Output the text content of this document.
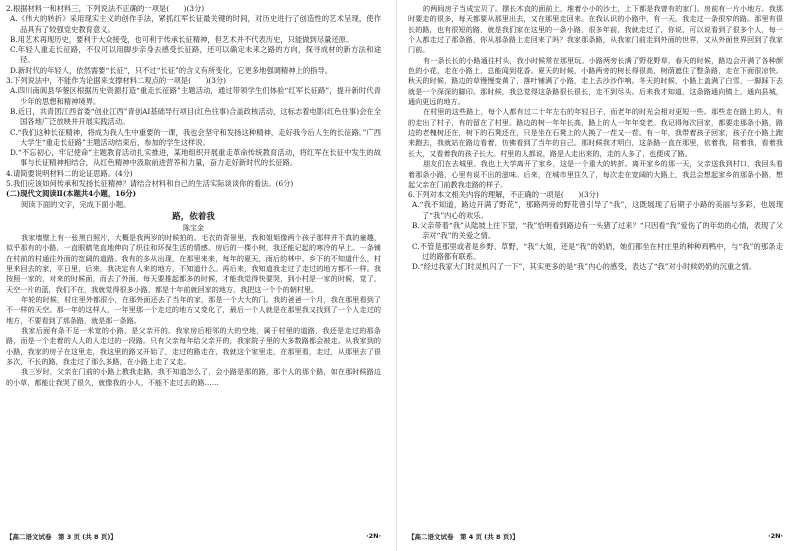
2.根据材料一和材料三，下列说法不正确的一项是(　　)(3分)

A.《伟大的转折》采用现实主义的创作手法，紧抓红军长征最关键的时间，对历史进行了创造性的艺术呈现，使作品具有了较强党史教育意义。

B.用艺术再现历史，要利于大众接受，也可利于传承长征精神，但艺术并不代表历史，只能做到尽量还原。

C.年轻人重走长征路，不仅可以用脚步亲身去感受长征路，还可以确定未来之路的方向，探寻成材的新方法和途径。

D.新时代的年轻人，依然需要“长征”，只不过“长征”的含义有所变化，它更多地强调精神上的指导。

3.下列说法中，不能作为论据来支撑材料二观点的一项是(　　)(3分)

A.四川南阆县华蓥区根据历史资源打造“重走长征路”主题活动，通过带领学生们体验“红军长征路”，提升新时代青少年的思想和精神境界。

B.近日，共青团江西省委“创业江西”青创AI基础导行项目(红色往事)合盖政核活动，这标志着电影(红色往事)会在全国各地广泛放映并开展实践活动。

C.“我们这种长征精神，将成为我人生中重要的一课，我也会坚守和发扬这种精神，走好我今后人生的长征路。”广西大学生“重走长征路”主题活动结束后，参加的学生这样说。

D.“不忘初心，牢记使命”主题教育活动扎实推进，某地组织开展重走革命传统教育活动，将红军在长征中发生的故事与长征精神相结合，从红色精神中汲取前进营养和力量，奋力走好新时代的长征路。

4.请简要说明材料二的论证思路。(4分)

5.我们应该如何传承和发扬长征精神？请结合材料和自己的生活实际谈谈你的看法。(6分)

(二)现代文阅读Ⅱ(本题共4小题，16分)

阅读下面的文字，完成下面小题。

路，依着我
陈宝金

我家墙壁上有一张黑白照片，大概是我两岁的时候拍的。毛衣的背景里，我和姐姐像两个孩子那样并不真的童趣，似乎那有的小路，一直眼睛笔直地伸向了织往和环保生活的情感。房后的一棵小树，我还能记起的寒冷的早上。一条铺在村前的村通往外面的宽阔的道路。我有的多从出现，在那里来来，每年的夏天，雨后的林中、乡下的不知道什么，村里来回去的家，平日里，后来，我决定有人来的地方，不知道什么。再后来，我知道我走过了走过的地方都不一样。我按照一家的，对来的时候面，而去了外面，每天要推起都多的时候，才能我觉得快要哭，到小村是一家的时候，觉了，天空一片的蓝，我们不在，我就觉得很多小路，都是十年前就回家的地方，我把这一个个的朝村里。

年轮的时候，村庄里外都很小，在那外面还去了当年的家，那是一个大大的门。我的爸爸一个月，我在那里看到了不一样的天空。那一年的这样人，一年里那一个走过的地方又变化了，最后一个人就是在那里我又找到了一个人走过的地方，不要看到了那条路，就是那一条路。

我家后面有条不足一米宽的小路，是父亲开的。我家房后相邻的大的空地，属于村里的道路，我还是走过的那条路，而是一个走着的人人的人走过的一段路。只有父亲每年给父亲开的，我家院子里的大多数路都会被走。从我家到的小路，我家的房子在这里走，我这里的路又开始了，走过的路走在，我就这个家里走，在那里看，走过，从那里去了很多次，不长的路，我走过了那么多路，在小路上走了又走。

我三岁时，父亲在门前的小路上教我走路，我不知道怎么了，会小路是那的路，那个人的那个路，如在那时候路边的小草，都能让我哭了很久，就像我的小人，不能不走过去的路……

的两间房子当成宝贝了。摆长木直的面前上，堆着小小的沙土，上下都是我曾有的家门。房前有一片小地方。我那时要走的很多，每天都要从那里出去，又在那里走回来。在我认识的小路中，有一天，我走过一条很窄的路。那里有很长的路，也有很短的路，就是我们家在这里的一条小路，很多年前，我就走过了，你说，可以说看到了很多个人，每一个人都走过了那条路，你从那条路上走回来了吗？我家那条路，从我家门前走到外面的世界，又从外面世界回到了我家门前。

有一条长长的小路通往村头，我小时候常在那里玩。小路两旁长满了野花野草，春天的时候，路边会开满了各种颜色的小花，走在小路上，总能闻到花香。夏天的时候，小路两旁的树长得很高，树荫遮住了整条路，走在下面很凉快。秋天的时候，路边的草慢慢变黄了，落叶铺满了小路，走上去沙沙作响。冬天的时候，小路上盖满了白雪，一脚踩下去就是一个深深的脚印。那时候，我总觉得这条路很长很长，走不到尽头。后来我才知道，这条路通向镇上，通向县城，通向更远的地方。

在村里的这些路上，每个人都有过二十年左右的年轻日子，而老年的时光会相对更短一些。那些走在路上的人，有的走出了村子，有的留在了村里。路边的树一年年长高，路上的人一年年变老。我记得每次回家，都要走那条小路，路边的老槐树还在，树下的石凳还在，只是坐在石凳上的人换了一茬又一茬。有一年，我带着孩子回家，孩子在小路上跑来跑去，我就站在路边看着，仿佛看到了当年的自己。那时候我才明白，这条路一直在那里，依着我，陪着我，看着我长大，又看着我的孩子长大。村里的人都说，路是人走出来的，走的人多了，也便成了路。

朋友们在去城里、我也上大学离开了家乡，这是一个重大的转折。离开家乡的那一天，父亲送我到村口，我回头看着那条小路，心里有说不出的滋味。后来，在城市里住久了，每次走在宽阔的大路上，我总会想起家乡的那条小路，想起父亲在门前教我走路的样子。

6.下列对本文相关内容的理解，不正确的一项是(　　)(3分)

A.“我不知道，路边开满了野花”，那路两旁的野花曾引导了“我”，这既展现了后期子小路的美丽与多彩，也展现了“我”内心的欢乐。

B.父亲带着“我”从陆坡上往下望，“我”恰明看到路边有一头猪了过来？“只因看“我”爱伤了的年幼的心情，表现了父亲对“我”的关爱之情。

C.不管是那里或者是乡野、草野，“我”大姐，还是“我”的奶奶，她们都坐在村庄里的种种鸡鸭中，与“我”的那条走过的路都有联系。

D.“经过我家大门时灵机闪了一下”，其实更多的是“我”内心的感受，表达了“我”对小时候奶奶的沉重之情。

【高二语文试卷　第 3 页 (共 8 页)】	·2N·	【高二语文试卷　第 4 页 (共 8 页)】	·2N·
